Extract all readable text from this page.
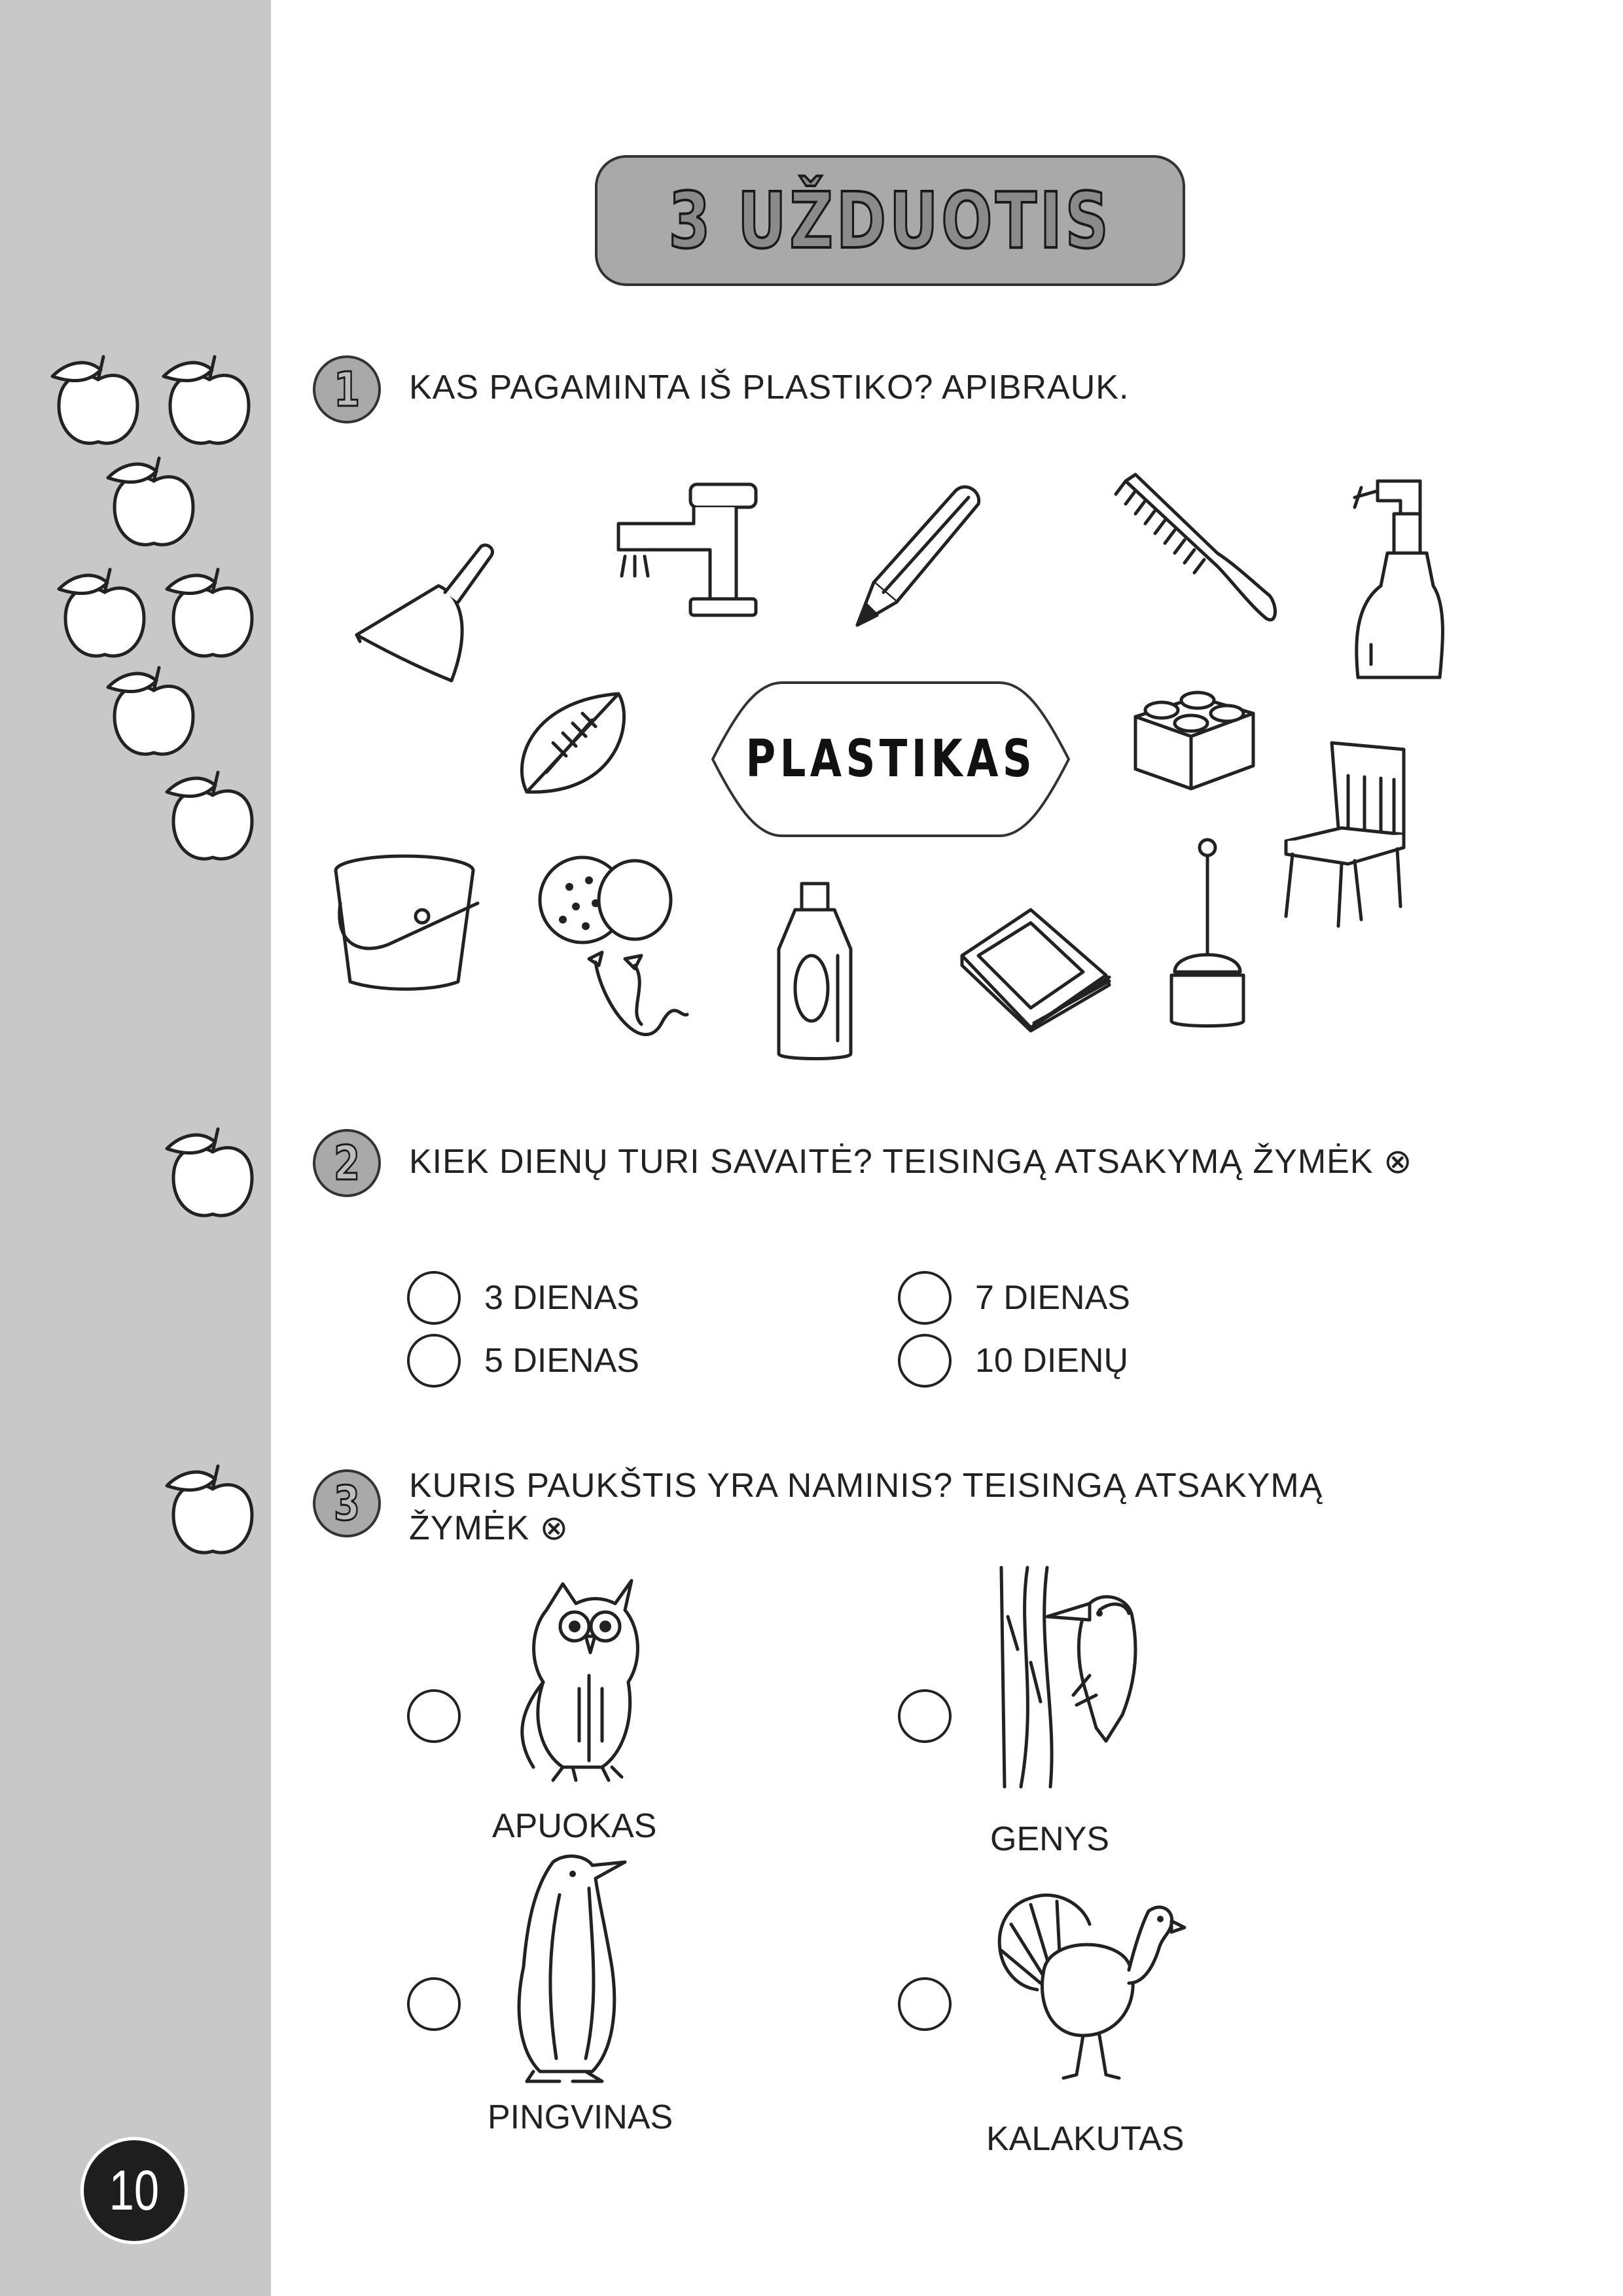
3 UŽDUOTIS
1 KAS PAGAMINTA IŠ PLASTIKO? APIBRAUK.
PLASTIKAS
2 KIEK DIENŲ TURI SAVAITĖ? TEISINGĄ ATSAKYMĄ ŽYMĖK ⊗
3 DIENAS
5 DIENAS
7 DIENAS
10 DIENŲ
3 KURIS PAUKŠTIS YRA NAMINIS? TEISINGĄ ATSAKYMĄ
ŽYMĖK ⊗
APUOKAS	GENYS
PINGVINAS
KALAKUTAS
10
